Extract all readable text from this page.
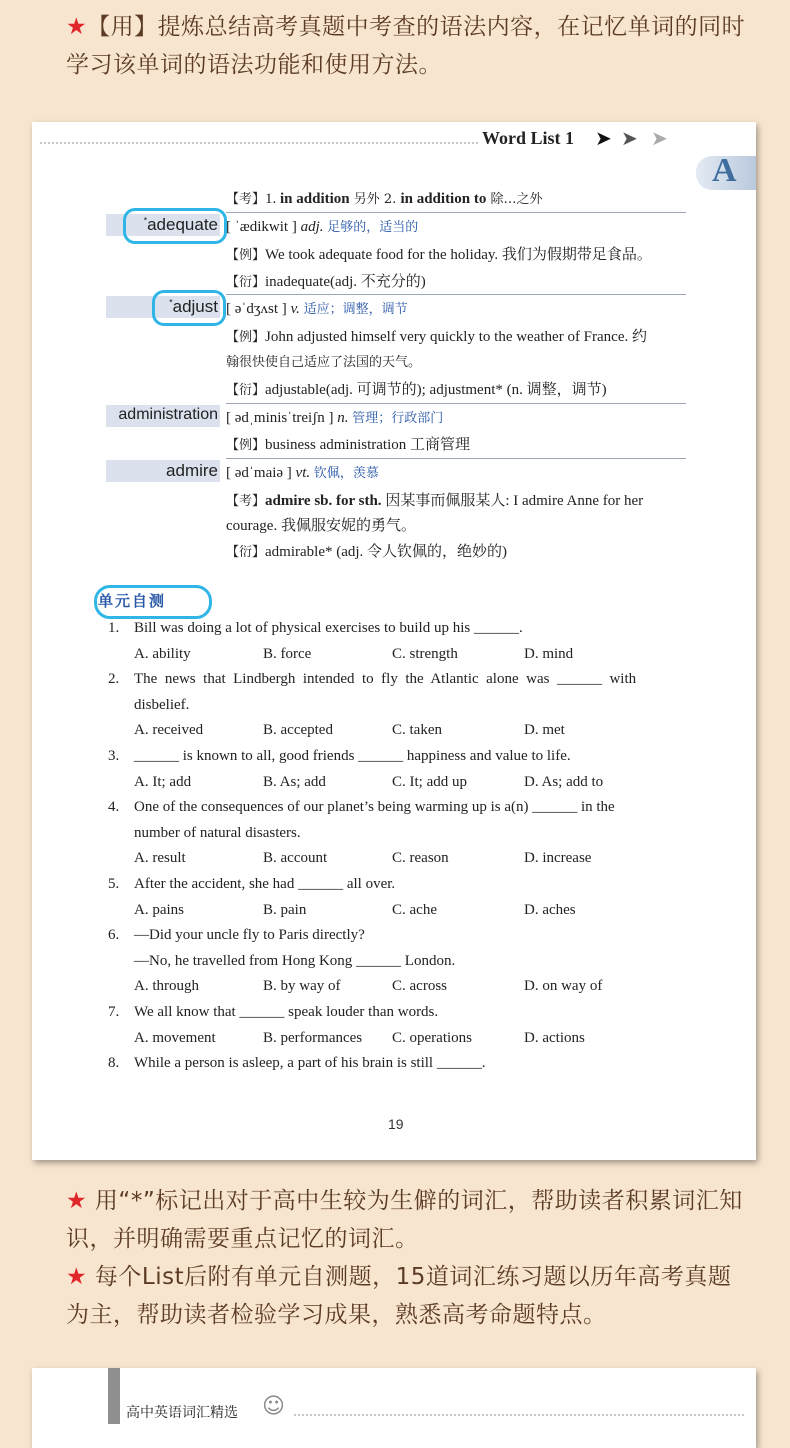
★【用】提炼总结高考真题中考查的语法内容，在记忆单词的同时学习该单词的语法功能和使用方法。
Word List 1 ➤ ➤ ➤
A
【考】1. in addition 另外 2. in addition to 除…之外
*adequate [ ˈædikwit ] adj. 足够的，适当的
【例】We took adequate food for the holiday. 我们为假期带足食品。
【衍】inadequate(adj. 不充分的)
*adjust [ əˈdʒʌst ] v. 适应；调整，调节
【例】John adjusted himself very quickly to the weather of France. 约
翰很快使自己适应了法国的天气。
【衍】adjustable(adj. 可调节的); adjustment* (n. 调整，调节)
administration [ ədˌminisˈtreiʃn ] n. 管理；行政部门
【例】business administration 工商管理
admire [ ədˈmaiə ] vt. 钦佩，羡慕
【考】admire sb. for sth. 因某事而佩服某人: I admire Anne for her
courage. 我佩服安妮的勇气。
【衍】admirable* (adj. 令人钦佩的，绝妙的)
单元自测
1. Bill was doing a lot of physical exercises to build up his ______.
A. ability	B. force	C. strength	D. mind
2. The  news  that  Lindbergh  intended  to  fly  the  Atlantic  alone  was  ______  with
disbelief.
A. received	B. accepted	C. taken	D. met
3. ______ is known to all, good friends ______ happiness and value to life.
A. It; add	B. As; add	C. It; add up	D. As; add to
4. One of the consequences of our planet’s being warming up is a(n) ______ in the
number of natural disasters.
A. result	B. account	C. reason	D. increase
5. After the accident, she had ______ all over.
A. pains	B. pain	C. ache	D. aches
6. —Did your uncle fly to Paris directly?
—No, he travelled from Hong Kong ______ London.
A. through	B. by way of	C. across	D. on way of
7. We all know that ______ speak louder than words.
A. movement	B. performances C. operations	D. actions
8. While a person is asleep, a part of his brain is still ______.
19
★ 用“*”标记出对于高中生较为生僻的词汇，帮助读者积累词汇知识，并明确需要重点记忆的词汇。
★ 每个List后附有单元自测题，15道词汇练习题以历年高考真题为主，帮助读者检验学习成果，熟悉高考命题特点。
高中英语词汇精选 ☺
